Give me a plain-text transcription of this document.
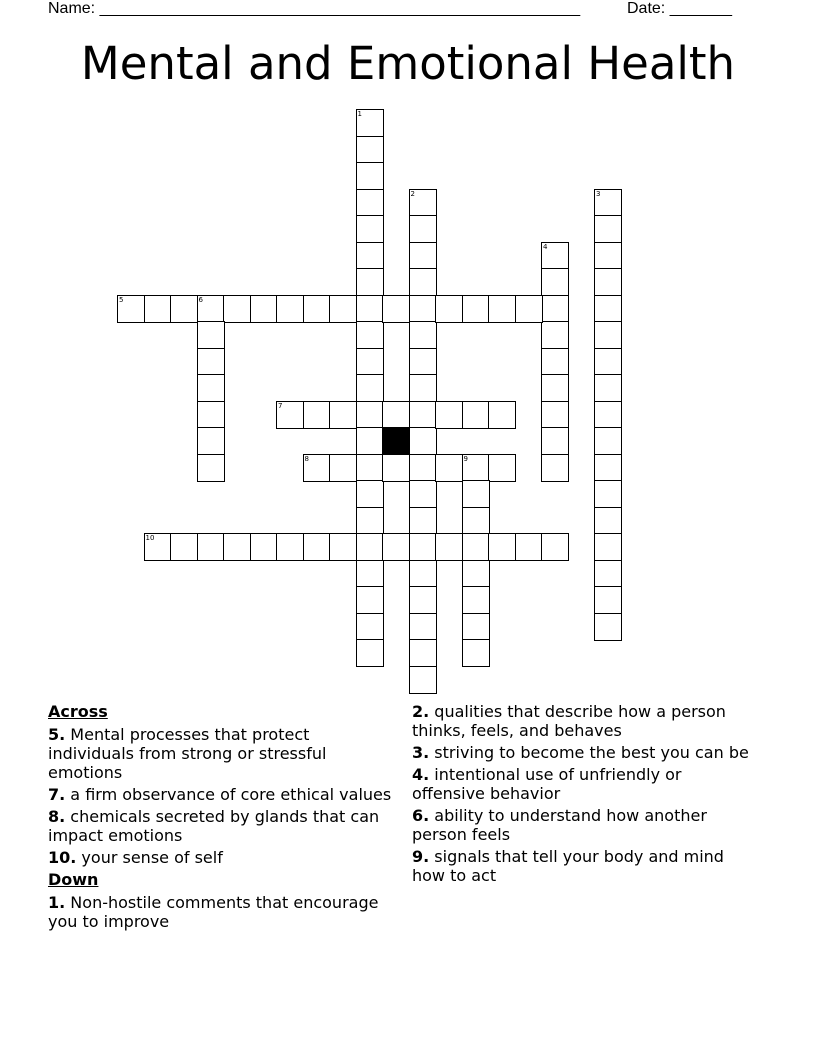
Name: ______________________________________________________	Date: _______
Mental and Emotional Health
1
2	3
4
5	6
7
8	9
10
Across
5. Mental processes that protect individuals from strong or stressful emotions
7. a firm observance of core ethical values
8. chemicals secreted by glands that can impact emotions
10. your sense of self
Down
1. Non-hostile comments that encourage you to improve
2. qualities that describe how a person thinks, feels, and behaves
3. striving to become the best you can be
4. intentional use of unfriendly or offensive behavior
6. ability to understand how another person feels
9. signals that tell your body and mind how to act
